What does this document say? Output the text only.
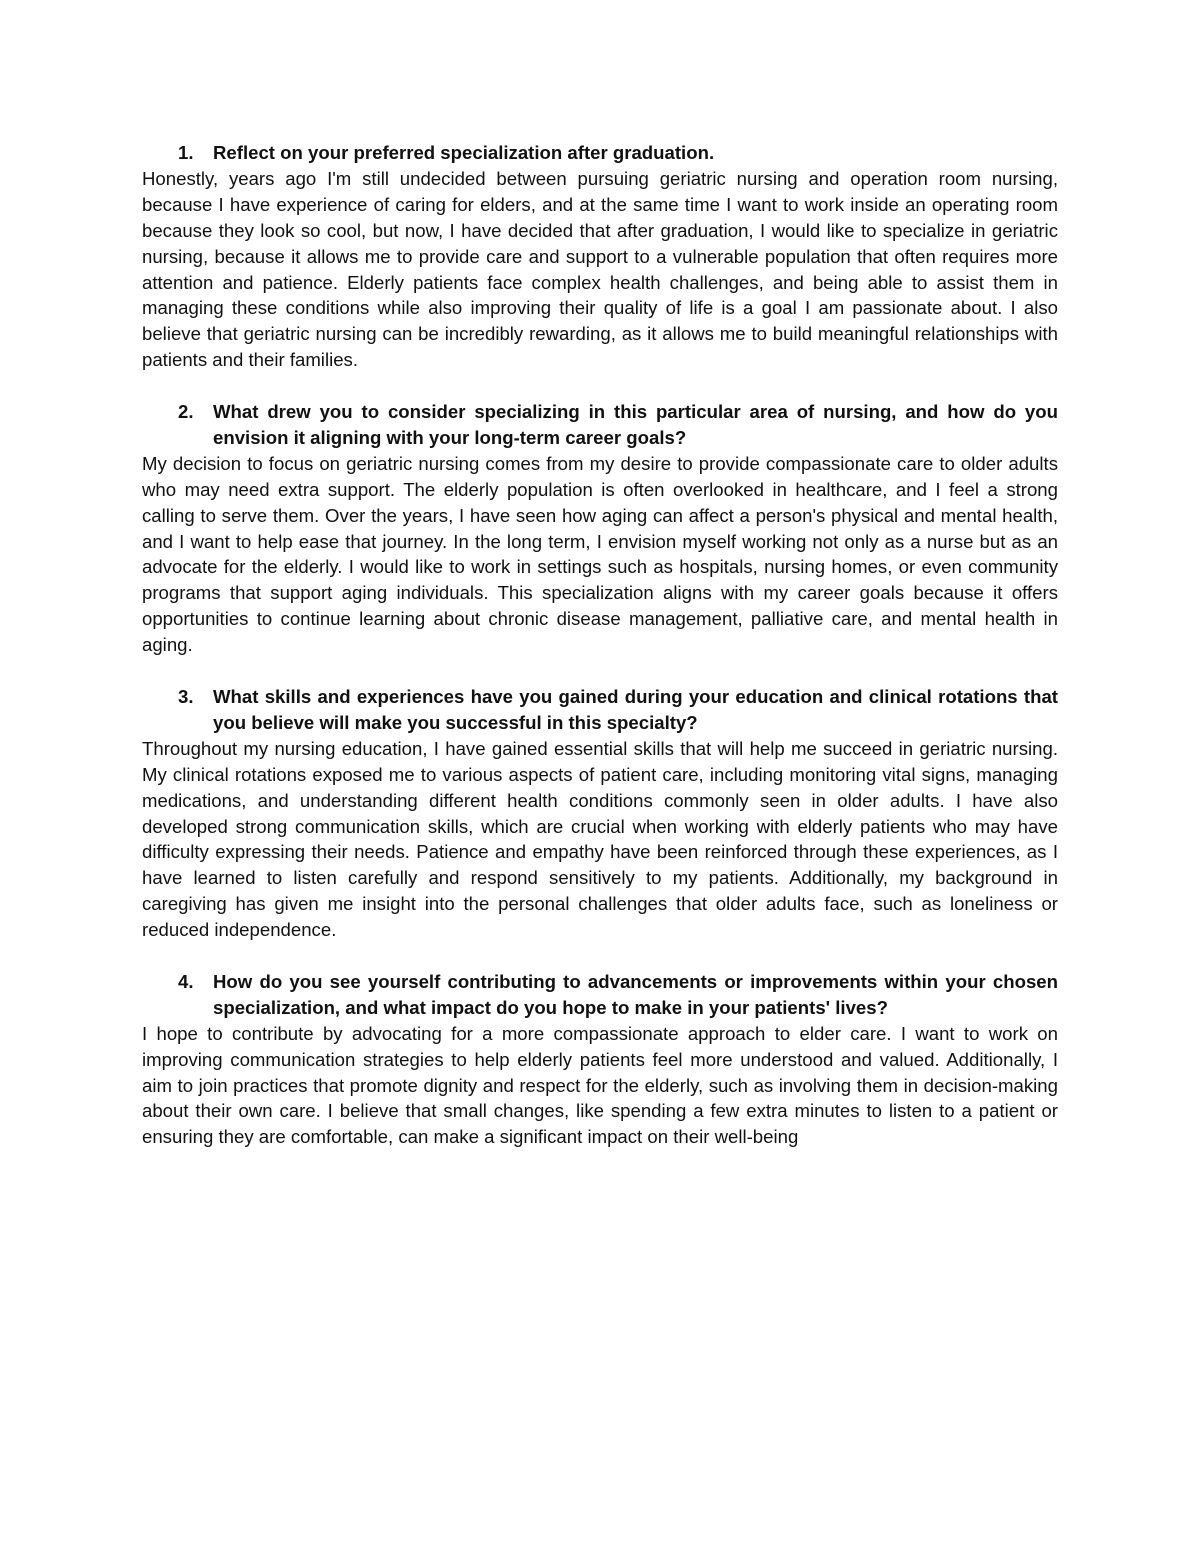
1.	Reflect on your preferred specialization after graduation.

Honestly, years ago I'm still undecided between pursuing geriatric nursing and operation room nursing, because I have experience of caring for elders, and at the same time I want to work inside an operating room because they look so cool, but now, I have decided that after graduation, I would like to specialize in geriatric nursing, because it allows me to provide care and support to a vulnerable population that often requires more attention and patience. Elderly patients face complex health challenges, and being able to assist them in managing these conditions while also improving their quality of life is a goal I am passionate about. I also believe that geriatric nursing can be incredibly rewarding, as it allows me to build meaningful relationships with patients and their families.

2.	What drew you to consider specializing in this particular area of nursing, and how do you envision it aligning with your long-term career goals?

My decision to focus on geriatric nursing comes from my desire to provide compassionate care to older adults who may need extra support. The elderly population is often overlooked in healthcare, and I feel a strong calling to serve them. Over the years, I have seen how aging can affect a person's physical and mental health, and I want to help ease that journey. In the long term, I envision myself working not only as a nurse but as an advocate for the elderly. I would like to work in settings such as hospitals, nursing homes, or even community programs that support aging individuals. This specialization aligns with my career goals because it offers opportunities to continue learning about chronic disease management, palliative care, and mental health in aging.

3.	What skills and experiences have you gained during your education and clinical rotations that you believe will make you successful in this specialty?

Throughout my nursing education, I have gained essential skills that will help me succeed in geriatric nursing. My clinical rotations exposed me to various aspects of patient care, including monitoring vital signs, managing medications, and understanding different health conditions commonly seen in older adults. I have also developed strong communication skills, which are crucial when working with elderly patients who may have difficulty expressing their needs. Patience and empathy have been reinforced through these experiences, as I have learned to listen carefully and respond sensitively to my patients. Additionally, my background in caregiving has given me insight into the personal challenges that older adults face, such as loneliness or reduced independence.

4.	How do you see yourself contributing to advancements or improvements within your chosen specialization, and what impact do you hope to make in your patients' lives?

I hope to contribute by advocating for a more compassionate approach to elder care. I want to work on improving communication strategies to help elderly patients feel more understood and valued. Additionally, I aim to join practices that promote dignity and respect for the elderly, such as involving them in decision-making about their own care. I believe that small changes, like spending a few extra minutes to listen to a patient or ensuring they are comfortable, can make a significant impact on their well-being
